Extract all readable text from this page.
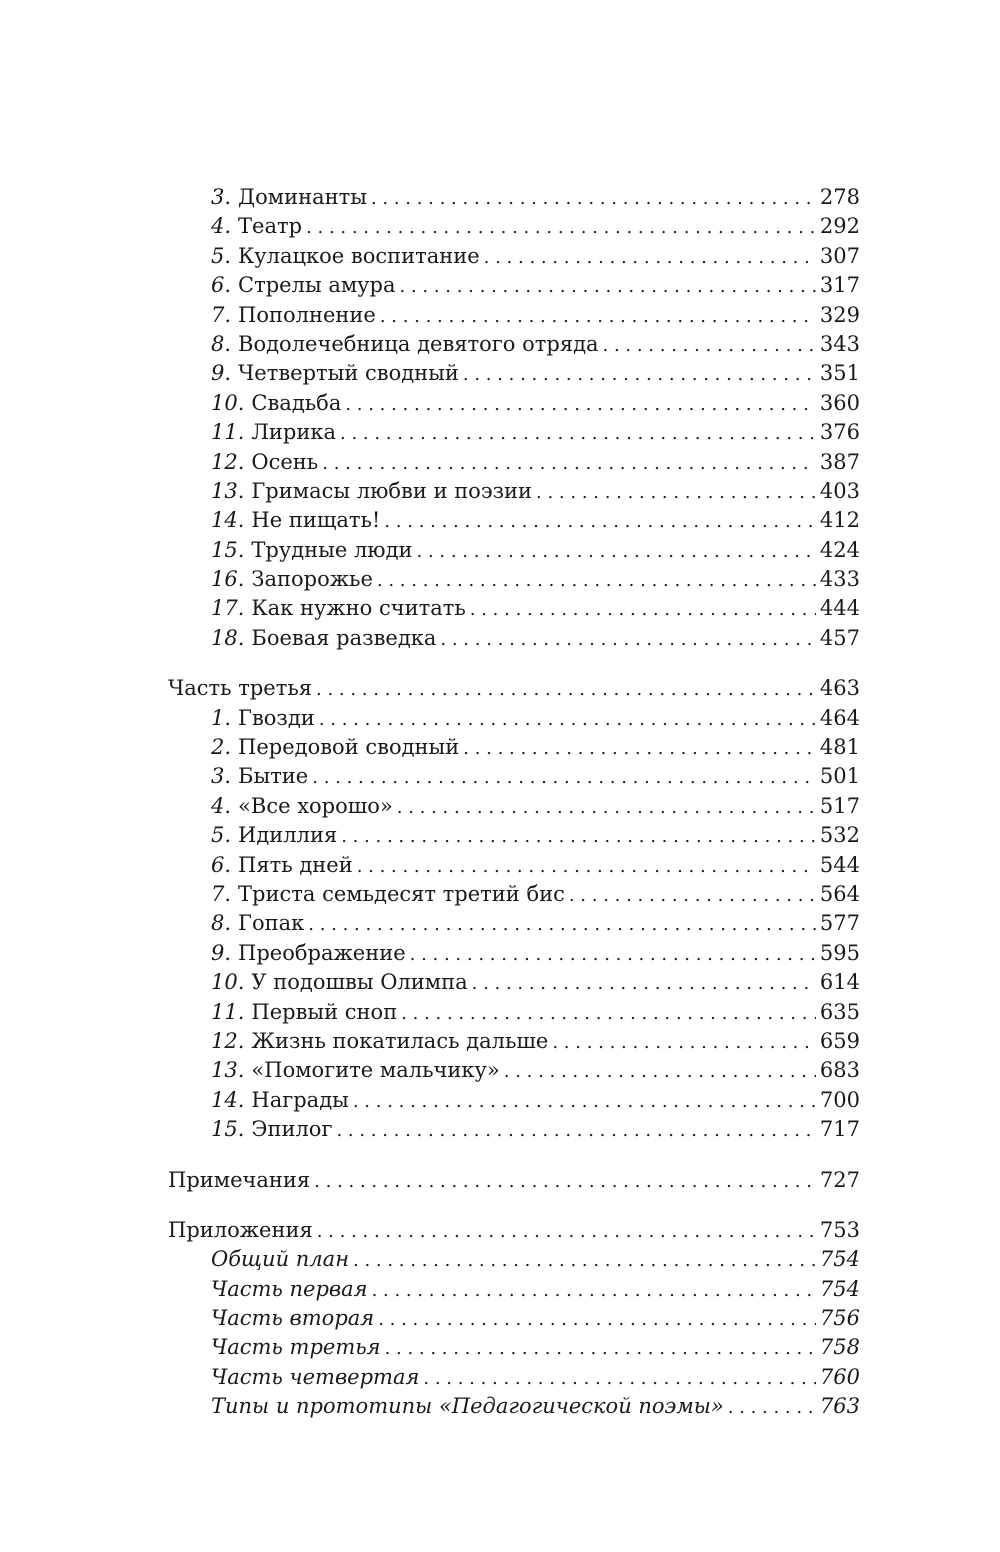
3. Доминанты . . .	278
4. Театр . . .	292
5. Кулацкое воспитание . . .	307
6. Стрелы амура . . .	317
7. Пополнение . . .	329
8. Водолечебница девятого отряда . . .	343
9. Четвертый сводный . . .	351
10. Свадьба . . .	360
11. Лирика . . .	376
12. Осень . . .	387
13. Гримасы любви и поэзии . . .	403
14. Не пищать! . . .	412
15. Трудные люди . . .	424
16. Запорожье . . .	433
17. Как нужно считать . . .	444
18. Боевая разведка . . .	457
Часть третья . . .	463
1. Гвозди . . .	464
2. Передовой сводный . . .	481
3. Бытие . . .	501
4. «Все хорошо» . . .	517
5. Идиллия . . .	532
6. Пять дней . . .	544
7. Триста семьдесят третий бис . . .	564
8. Гопак . . .	577
9. Преображение . . .	595
10. У подошвы Олимпа . . .	614
11. Первый сноп . . .	635
12. Жизнь покатилась дальше . . .	659
13. «Помогите мальчику» . . .	683
14. Награды . . .	700
15. Эпилог . . .	717
Примечания . . .	727
Приложения . . .	753
Общий план . . .	754
Часть первая . . .	754
Часть вторая . . .	756
Часть третья . . .	758
Часть четвертая . . .	760
Типы и прототипы «Педагогической поэмы» . . .	763
